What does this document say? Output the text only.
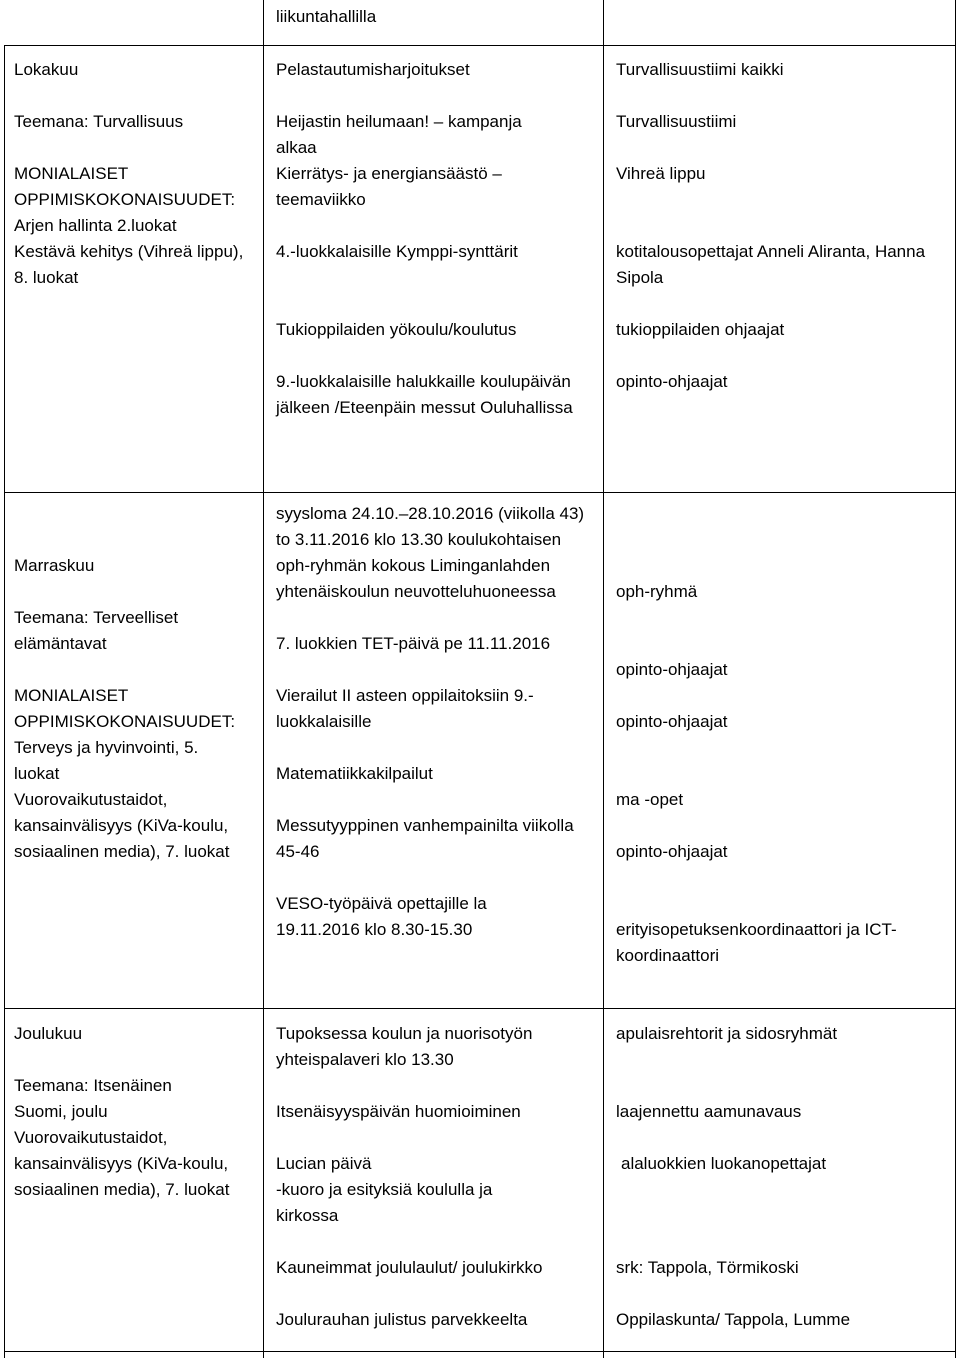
liikuntahallilla

Lokakuu

Teemana: Turvallisuus

MONIALAISET OPPIMISKOKONAISUUDET:

Arjen hallinta 2.luokat

Kestävä kehitys (Vihreä lippu), 8. luokat

Pelastautumisharjoitukset

Heijastin heilumaan! – kampanja alkaa

Kierrätys- ja energiansäästö – teemaviikko

4.-luokkalaisille Kymppi-synttärit

Tukioppilaiden yökoulu/koulutus

9.-luokkalaisille halukkaille koulupäivän jälkeen /Eteenpäin messut Ouluhallissa

Turvallisuustiimi kaikki

Turvallisuustiimi

Vihreä lippu

kotitalousopettajat Anneli Aliranta, Hanna Sipola

tukioppilaiden ohjaajat

opinto-ohjaajat

Marraskuu

Teemana: Terveelliset elämäntavat

MONIALAISET OPPIMISKOKONAISUUDET:

Terveys ja hyvinvointi, 5. luokat

Vuorovaikutustaidot, kansainvälisyys (KiVa-koulu, sosiaalinen media), 7. luokat

syysloma 24.10.–28.10.2016 (viikolla 43)

to 3.11.2016 klo 13.30 koulukohtaisen oph-ryhmän kokous Liminganlahden yhtenäiskoulun neuvotteluhuoneessa

7. luokkien TET-päivä pe 11.11.2016

Vierailut II asteen oppilaitoksiin 9.-luokkalaisille

Matematiikkakilpailut

Messutyyppinen vanhempainilta viikolla 45-46

VESO-työpäivä opettajille la 19.11.2016 klo 8.30-15.30

oph-ryhmä

opinto-ohjaajat

opinto-ohjaajat

ma -opet

opinto-ohjaajat

erityisopetuksenkoordinaattori ja ICT-koordinaattori

Joulukuu

Teemana: Itsenäinen Suomi, joulu

Vuorovaikutustaidot, kansainvälisyys (KiVa-koulu, sosiaalinen media), 7. luokat

Tupoksessa koulun ja nuorisotyön yhteispalaveri klo 13.30

Itsenäisyyspäivän huomioiminen

Lucian päivä

-kuoro ja esityksiä koululla ja kirkossa

Kauneimmat joululaulut/ joulukirkko

Joulurauhan julistus parvekkeelta

apulaisrehtorit ja sidosryhmät

laajennettu aamunavaus

alaluokkien luokanopettajat

srk: Tappola, Törmikoski

Oppilaskunta/ Tappola, Lumme
